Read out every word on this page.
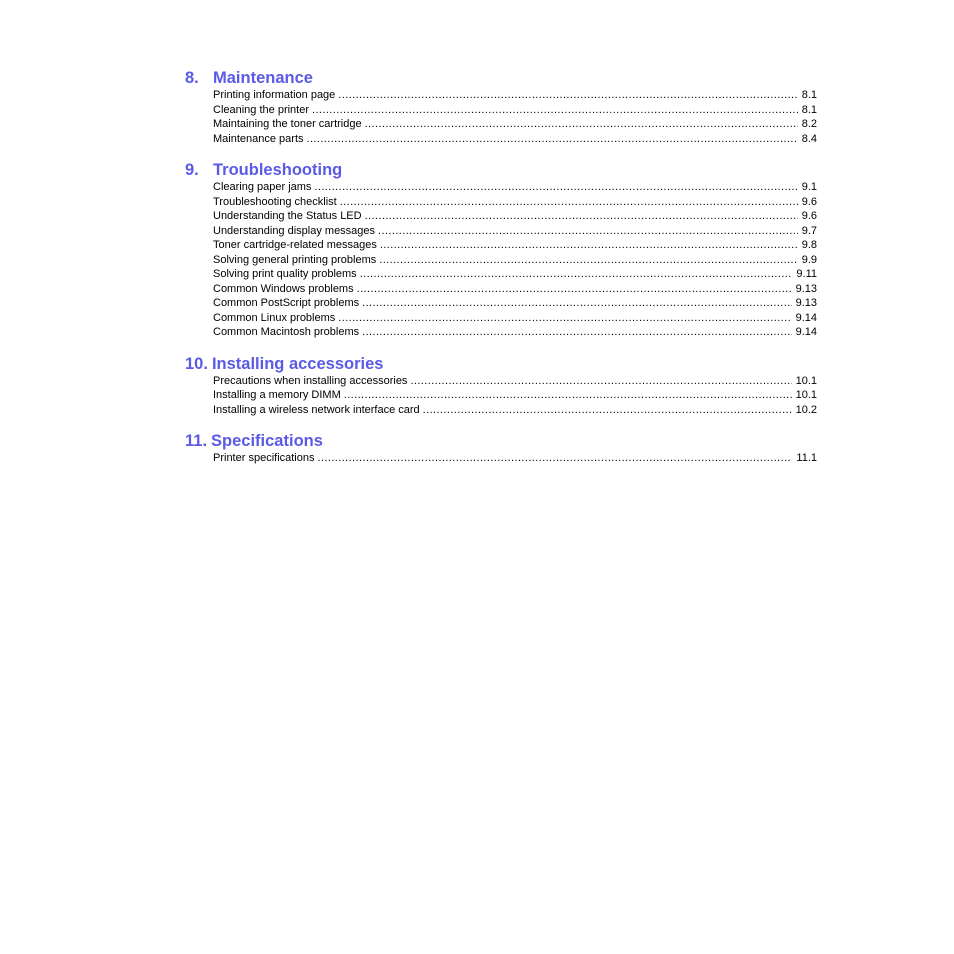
8. Maintenance
Printing information page .....	8.1
Cleaning the printer .....	8.1
Maintaining the toner cartridge .....	8.2
Maintenance parts .....	8.4
9. Troubleshooting
Clearing paper jams .....	9.1
Troubleshooting checklist .....	9.6
Understanding the Status LED .....	9.6
Understanding display messages .....	9.7
Toner cartridge-related messages .....	9.8
Solving general printing problems .....	9.9
Solving print quality problems .....	9.11
Common Windows problems .....	9.13
Common PostScript problems .....	9.13
Common Linux problems .....	9.14
Common Macintosh problems .....	9.14
10. Installing accessories
Precautions when installing accessories .....	10.1
Installing a memory DIMM .....	10.1
Installing a wireless network interface card .....	10.2
11. Specifications
Printer specifications .....	11.1
